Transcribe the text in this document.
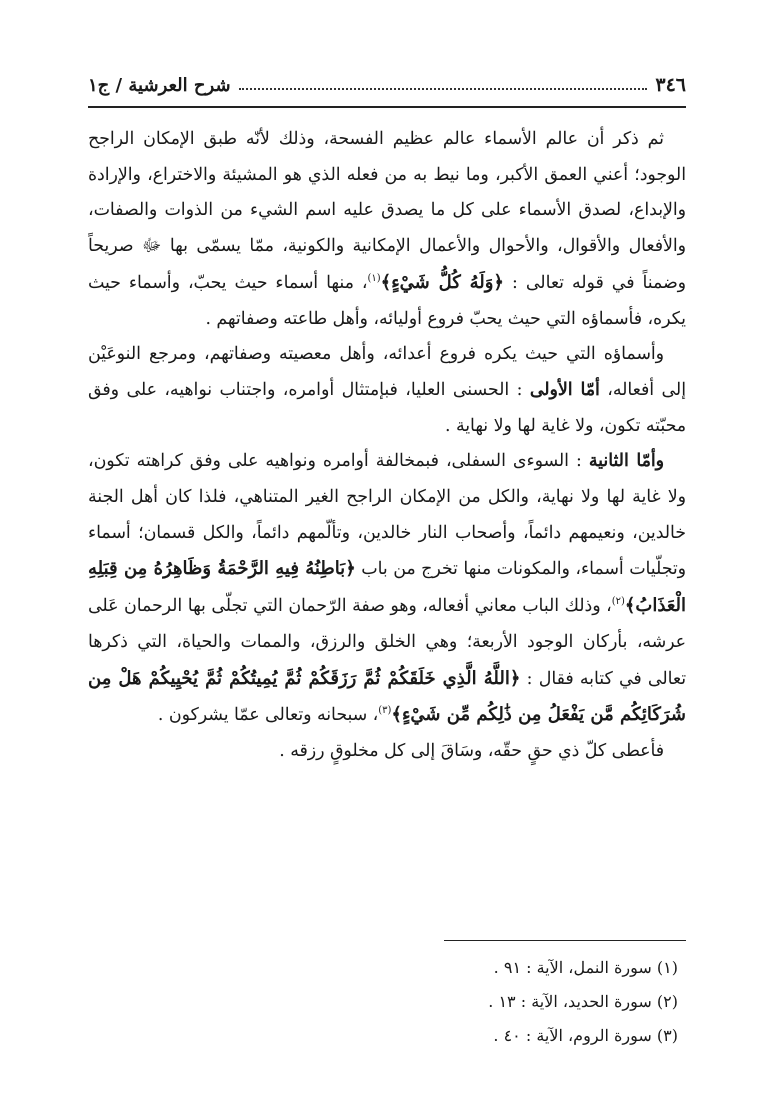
٣٤٦
شرح العرشية / ج١

ثم ذكر أن عالم الأسماء عالم عظيم الفسحة، وذلك لأنّه طبق الإمكان الراجح الوجود؛ أعني العمق الأكبر، وما نيط به من فعله الذي هو المشيئة والاختراع، والإرادة والإبداع، لصدق الأسماء على كل ما يصدق عليه اسم الشيء من الذوات والصفات، والأفعال والأقوال، والأحوال والأعمال الإمكانية والكونية، ممّا يسمّى بها ﷻ صريحاً وضمناً في قوله تعالى : ﴿وَلَهُ كُلُّ شَيْءٍ﴾$^{(١)}$، منها أسماء حيث يحبّ، وأسماء حيث يكره، فأسماؤه التي حيث يحبّ فروع أوليائه، وأهل طاعته وصفاتهم .

وأسماؤه التي حيث يكره فروع أعدائه، وأهل معصيته وصفاتهم، ومرجع النوعَيْن إلى أفعاله، أمّا الأولى : الحسنى العليا، فبإمتثال أوامره، واجتناب نواهيه، على وفق محبّته تكون، ولا غاية لها ولا نهاية .

وأمّا الثانية : السوءى السفلى، فبمخالفة أوامره ونواهيه على وفق كراهته تكون، ولا غاية لها ولا نهاية، والكل من الإمكان الراجح الغير المتناهي، فلذا كان أهل الجنة خالدين، ونعيمهم دائماً، وأصحاب النار خالدين، وتألّمهم دائماً، والكل قسمان؛ أسماء وتجلّيات أسماء، والمكونات منها تخرج من باب ﴿بَاطِنُهُ فِيهِ الرَّحْمَةُ وَظَاهِرُهُ مِن قِبَلِهِ الْعَذَابُ﴾$^{(٢)}$، وذلك الباب معاني أفعاله، وهو صفة الرّحمان التي تجلّى بها الرحمان عَلى عرشه، بأركان الوجود الأربعة؛ وهي الخلق والرزق، والممات والحياة، التي ذكرها تعالى في كتابه فقال : ﴿اللَّهُ الَّذِي خَلَقَكُمْ ثُمَّ رَزَقَكُمْ ثُمَّ يُمِيتُكُمْ ثُمَّ يُحْيِيكُمْ هَلْ مِن شُرَكَائِكُم مَّن يَفْعَلُ مِن ذَٰلِكُم مِّن شَيْءٍ﴾$^{(٣)}$، سبحانه وتعالى عمّا يشركون .

فأعطى كلّ ذي حقٍ حقّه، وسَاقَ إلى كل مخلوقٍ رزقه .

(١) سورة النمل، الآية : ٩١ .
(٢) سورة الحديد، الآية : ١٣ .
(٣) سورة الروم، الآية : ٤٠ .
